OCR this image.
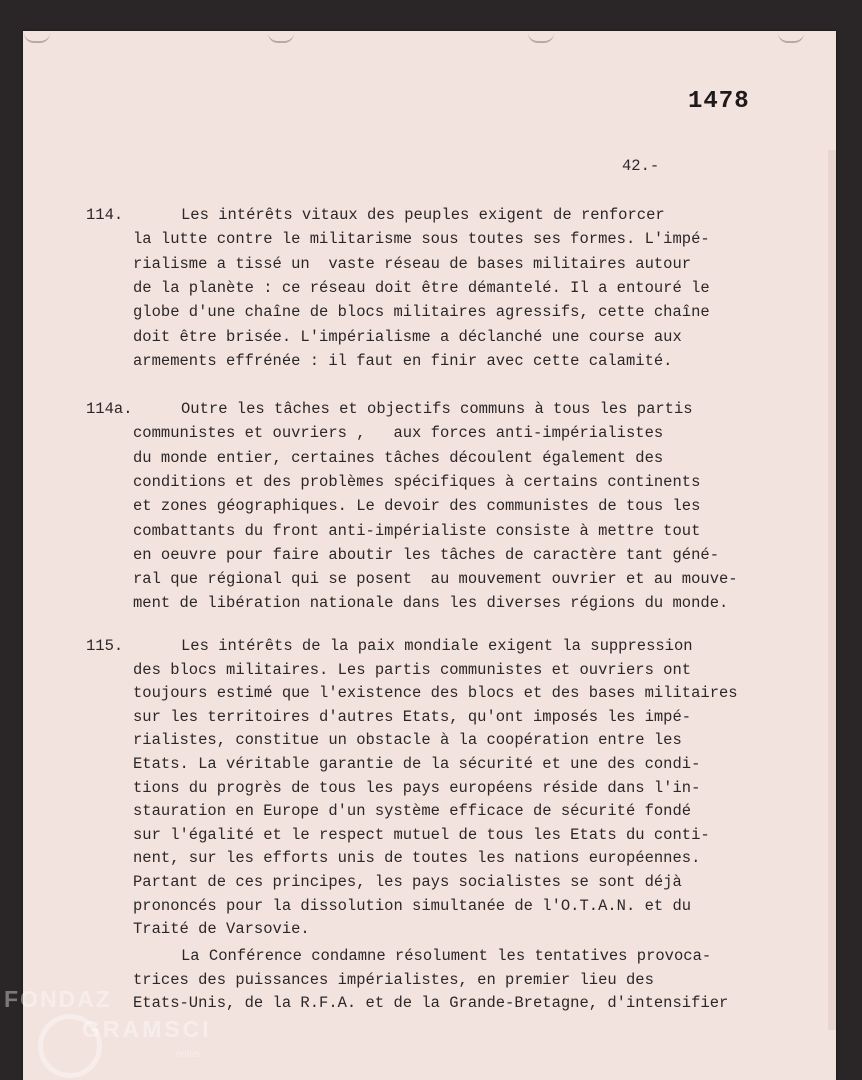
1478
42.-
114.	Les intérêts vitaux des peuples exigent de renforcer
la lutte contre le militarisme sous toutes ses formes. L'impé-
rialisme a tissé un  vaste réseau de bases militaires autour
de la planète : ce réseau doit être démantelé. Il a entouré le
globe d'une chaîne de blocs militaires agressifs, cette chaîne
doit être brisée. L'impérialisme a déclanché une course aux
armements effrénée : il faut en finir avec cette calamité.
114a.	Outre les tâches et objectifs communs à tous les partis
communistes et ouvriers ,   aux forces anti-impérialistes
du monde entier, certaines tâches découlent également des
conditions et des problèmes spécifiques à certains continents
et zones géographiques. Le devoir des communistes de tous les
combattants du front anti-impérialiste consiste à mettre tout
en oeuvre pour faire aboutir les tâches de caractère tant géné-
ral que régional qui se posent  au mouvement ouvrier et au mouve-
ment de libération nationale dans les diverses régions du monde.
115.	Les intérêts de la paix mondiale exigent la suppression
des blocs militaires. Les partis communistes et ouvriers ont
toujours estimé que l'existence des blocs et des bases militaires
sur les territoires d'autres Etats, qu'ont imposés les impé-
rialistes, constitue un obstacle à la coopération entre les
Etats. La véritable garantie de la sécurité et une des condi-
tions du progrès de tous les pays européens réside dans l'in-
stauration en Europe d'un système efficace de sécurité fondé
sur l'égalité et le respect mutuel de tous les Etats du conti-
nent, sur les efforts unis de toutes les nations européennes.
Partant de ces principes, les pays socialistes se sont déjà
prononcés pour la dissolution simultanée de l'O.T.A.N. et du
Traité de Varsovie.
La Conférence condamne résolument les tentatives provoca-
trices des puissances impérialistes, en premier lieu des
Etats-Unis, de la R.F.A. et de la Grande-Bretagne, d'intensifier
FONDAZ
GRAMSCI
onlus
